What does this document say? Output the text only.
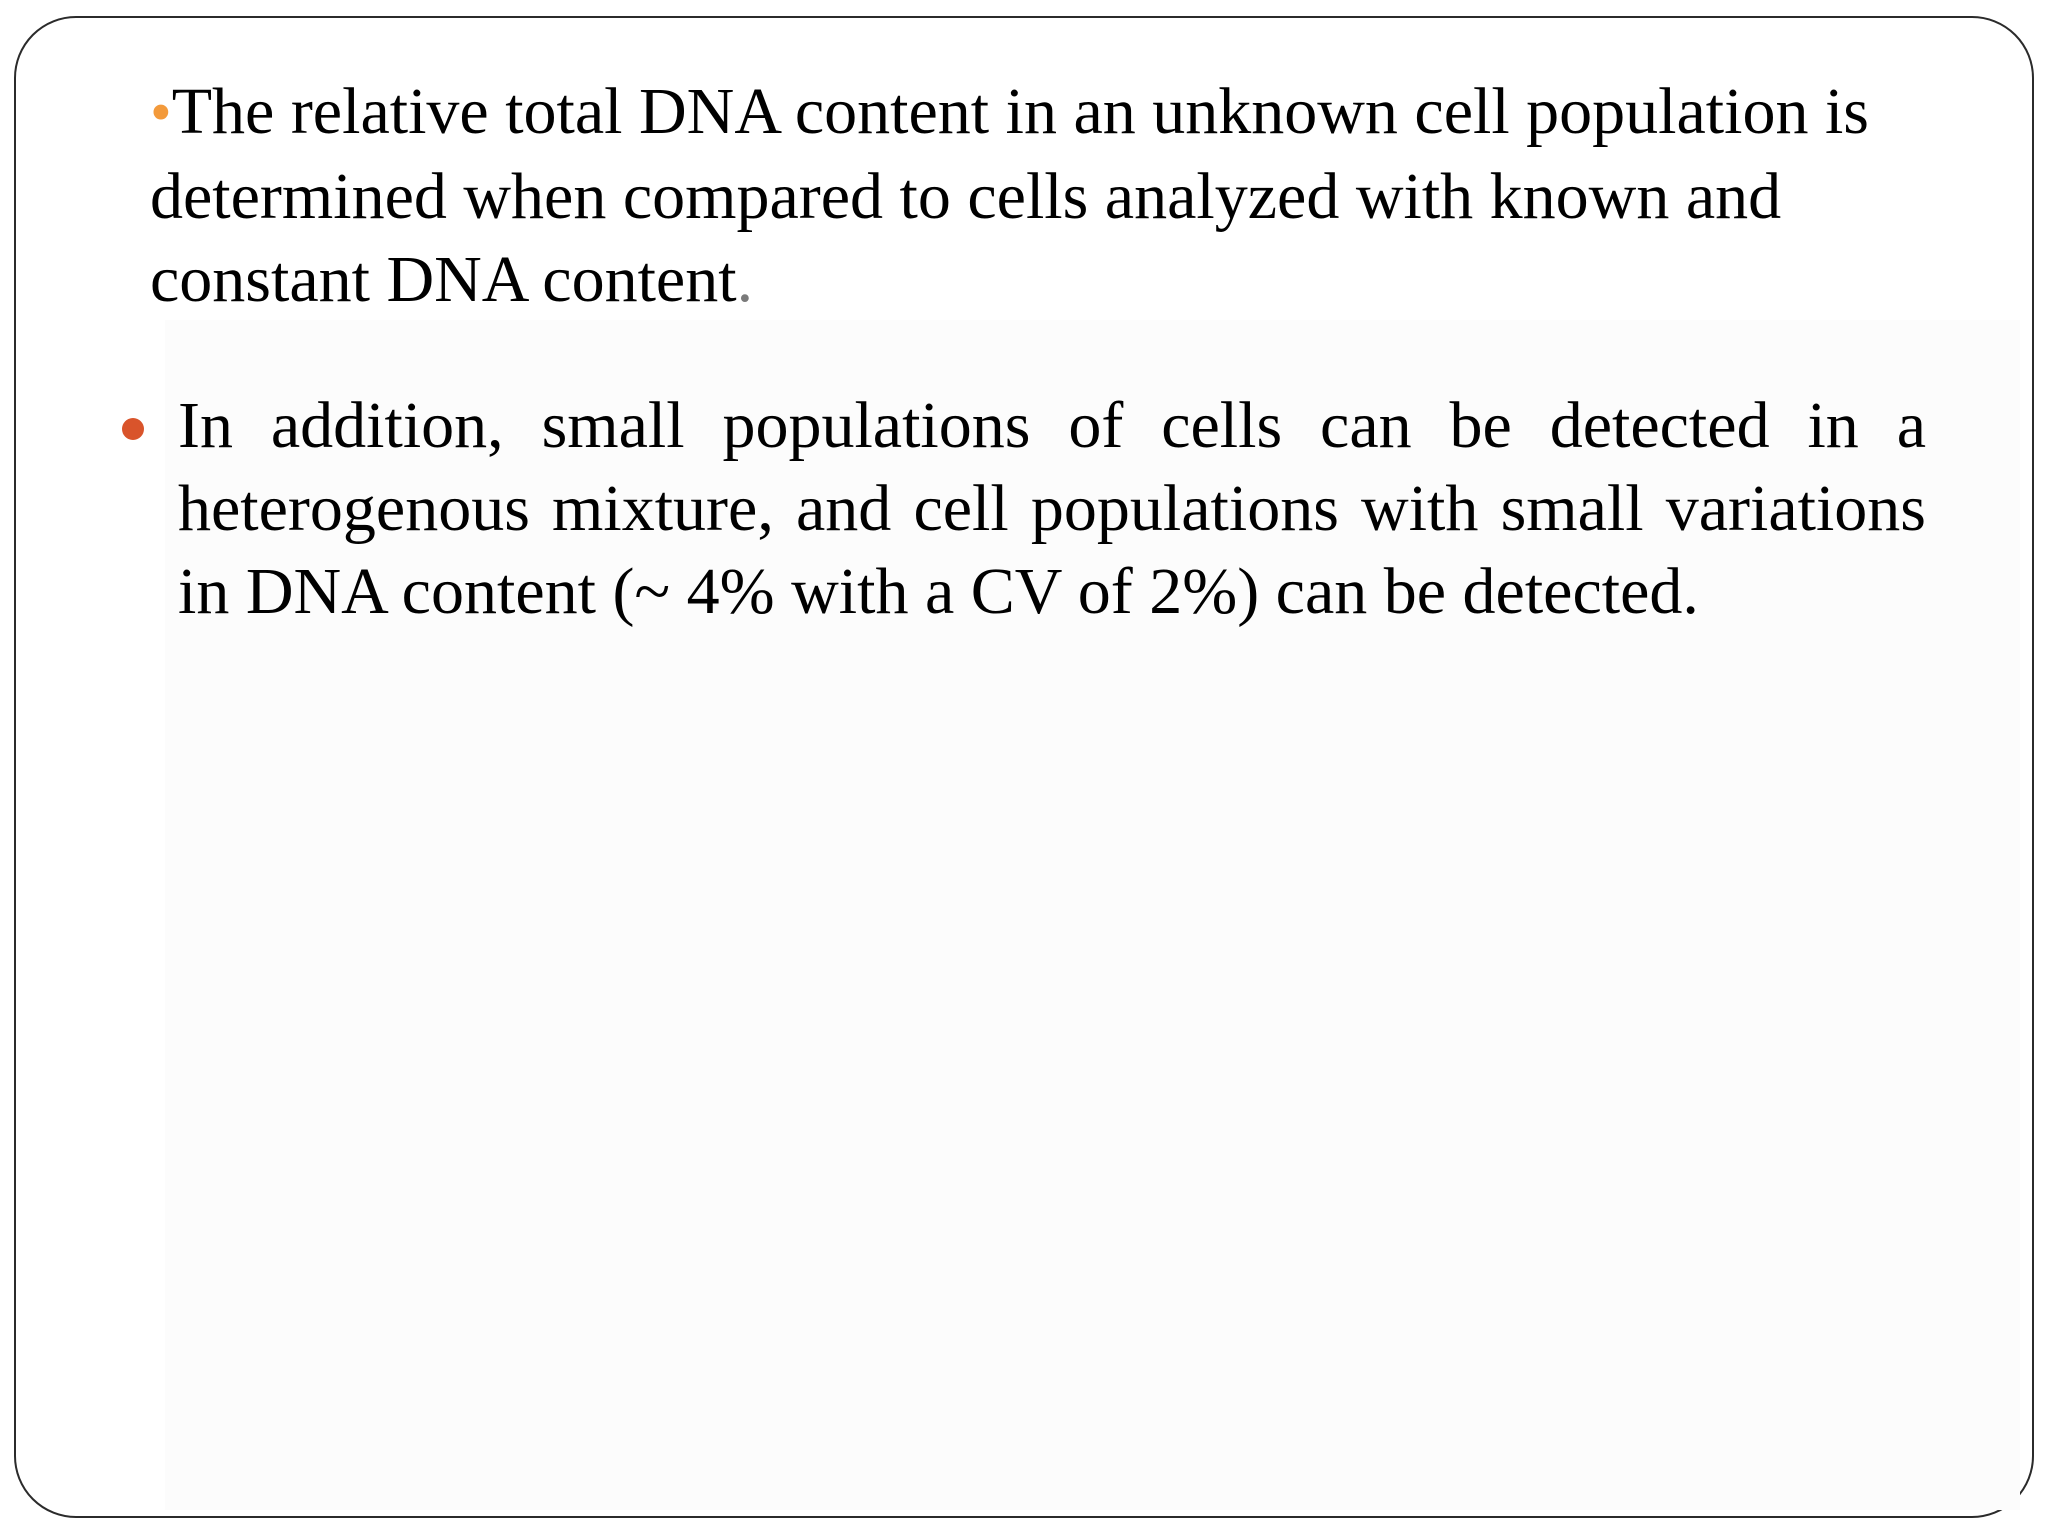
•The relative total DNA content in an unknown cell population is determined when compared to cells analyzed with known and constant DNA content.

In addition, small populations of cells can be detected in a heterogenous mixture, and cell populations with small variations in DNA content (~ 4% with a CV of 2%) can be detected.
